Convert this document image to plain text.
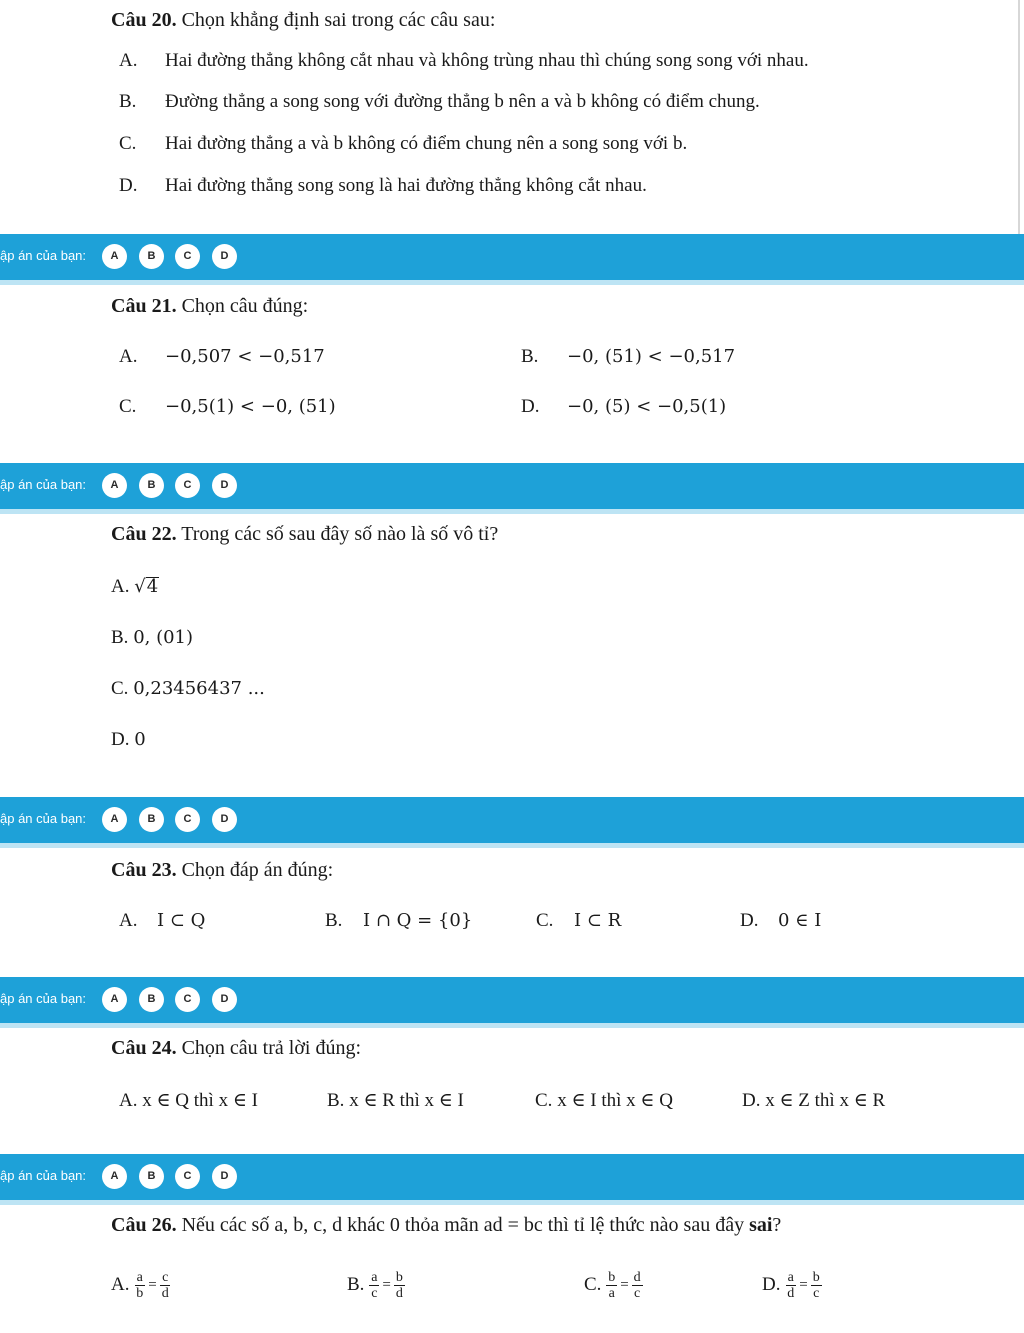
Câu 20. Chọn khẳng định sai trong các câu sau:
A. Hai đường thẳng không cắt nhau và không trùng nhau thì chúng song song với nhau.
B. Đường thẳng a song song với đường thẳng b nên a và b không có điểm chung.
C. Hai đường thẳng a và b không có điểm chung nên a song song với b.
D. Hai đường thẳng song song là hai đường thẳng không cắt nhau.
ập án của bạn:	A	B	C	D
Câu 21. Chọn câu đúng:
A. −0,507 < −0,517	B. −0, (51) < −0,517
C. −0,5(1) < −0, (51)	D. −0, (5) < −0,5(1)
ập án của bạn:	A	B	C	D
Câu 22. Trong các số sau đây số nào là số vô tỉ?
A. √4
B. 0, (01)
C. 0,23456437 ...
D. 0
ập án của bạn:	A	B	C	D
Câu 23. Chọn đáp án đúng:
A. I ⊂ Q	B. I ∩ Q = {0}	C. I ⊂ R	D. 0 ∈ I
ập án của bạn:	A	B	C	D
Câu 24. Chọn câu trả lời đúng:
A. x ∈ Q thì x ∈ I	B. x ∈ R thì x ∈ I	C. x ∈ I thì x ∈ Q	D. x ∈ Z thì x ∈ R
ập án của bạn:	A	B	C	D
Câu 26. Nếu các số a, b, c, d khác 0 thỏa mãn ad = bc thì tỉ lệ thức nào sau đây sai?
A. $\frac{a}{b} = \frac{c}{d}$	B. $\frac{a}{c} = \frac{b}{d}$	C. $\frac{b}{a} = \frac{d}{c}$	D. $\frac{a}{d} = \frac{b}{c}$
